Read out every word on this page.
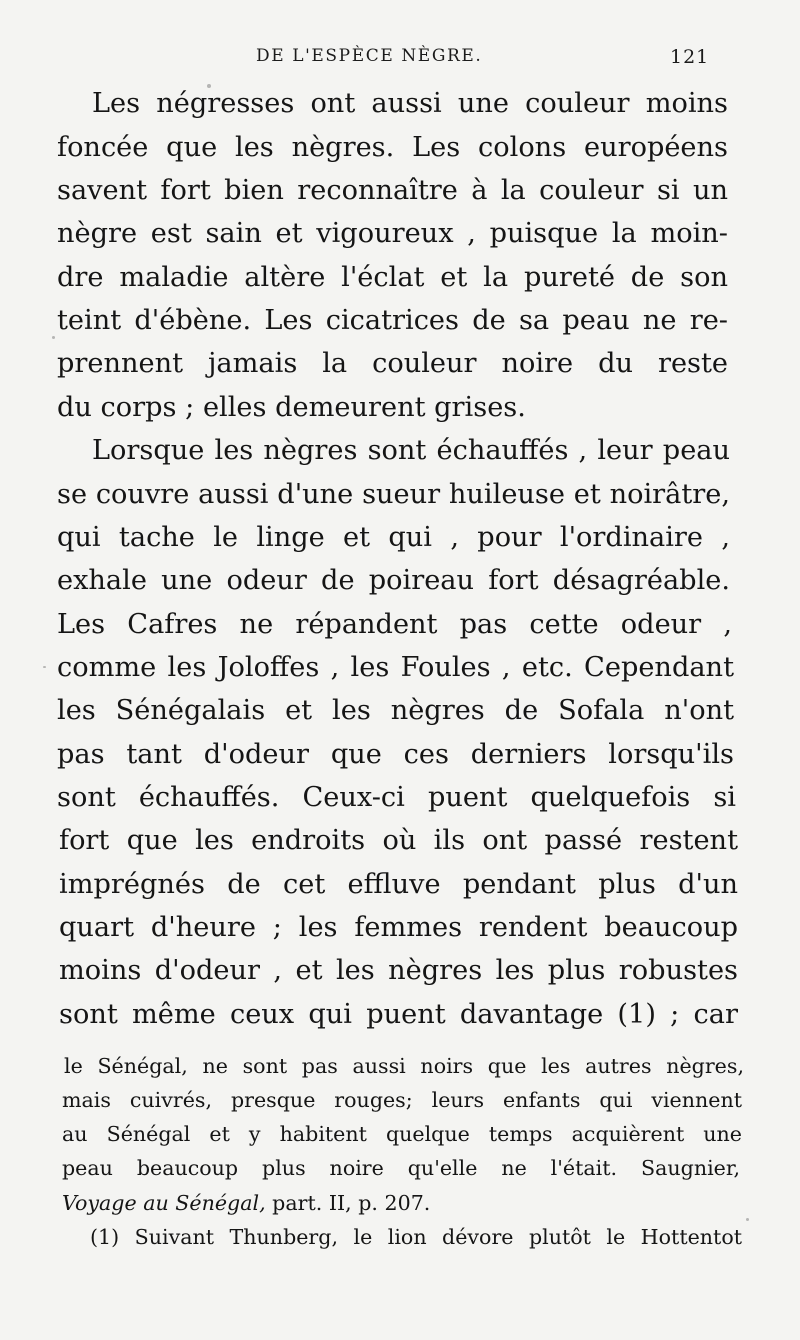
DE L'ESPÈCE NÈGRE.	121
Les négresses ont aussi une couleur moins
foncée que les nègres. Les colons européens
savent fort bien reconnaître à la couleur si un
nègre est sain et vigoureux , puisque la moin-
dre maladie altère l'éclat et la pureté de son
teint d'ébène. Les cicatrices de sa peau ne re-
prennent jamais la couleur noire du reste
du corps ; elles demeurent grises.
Lorsque les nègres sont échauffés , leur peau
se couvre aussi d'une sueur huileuse et noirâtre,
qui tache le linge et qui , pour l'ordinaire ,
exhale une odeur de poireau fort désagréable.
Les Cafres ne répandent pas cette odeur ,
comme les Joloffes , les Foules , etc. Cependant
les Sénégalais et les nègres de Sofala n'ont
pas tant d'odeur que ces derniers lorsqu'ils
sont échauffés. Ceux-ci puent quelquefois si
fort que les endroits où ils ont passé restent
imprégnés de cet effluve pendant plus d'un
quart d'heure ; les femmes rendent beaucoup
moins d'odeur , et les nègres les plus robustes
sont même ceux qui puent davantage (1) ; car
le Sénégal, ne sont pas aussi noirs que les autres nègres,
mais cuivrés, presque rouges; leurs enfants qui viennent
au Sénégal et y habitent quelque temps acquièrent une
peau beaucoup plus noire qu'elle ne l'était. Saugnier,
Voyage au Sénégal, part. II, p. 207.
(1) Suivant Thunberg, le lion dévore plutôt le Hottentot
